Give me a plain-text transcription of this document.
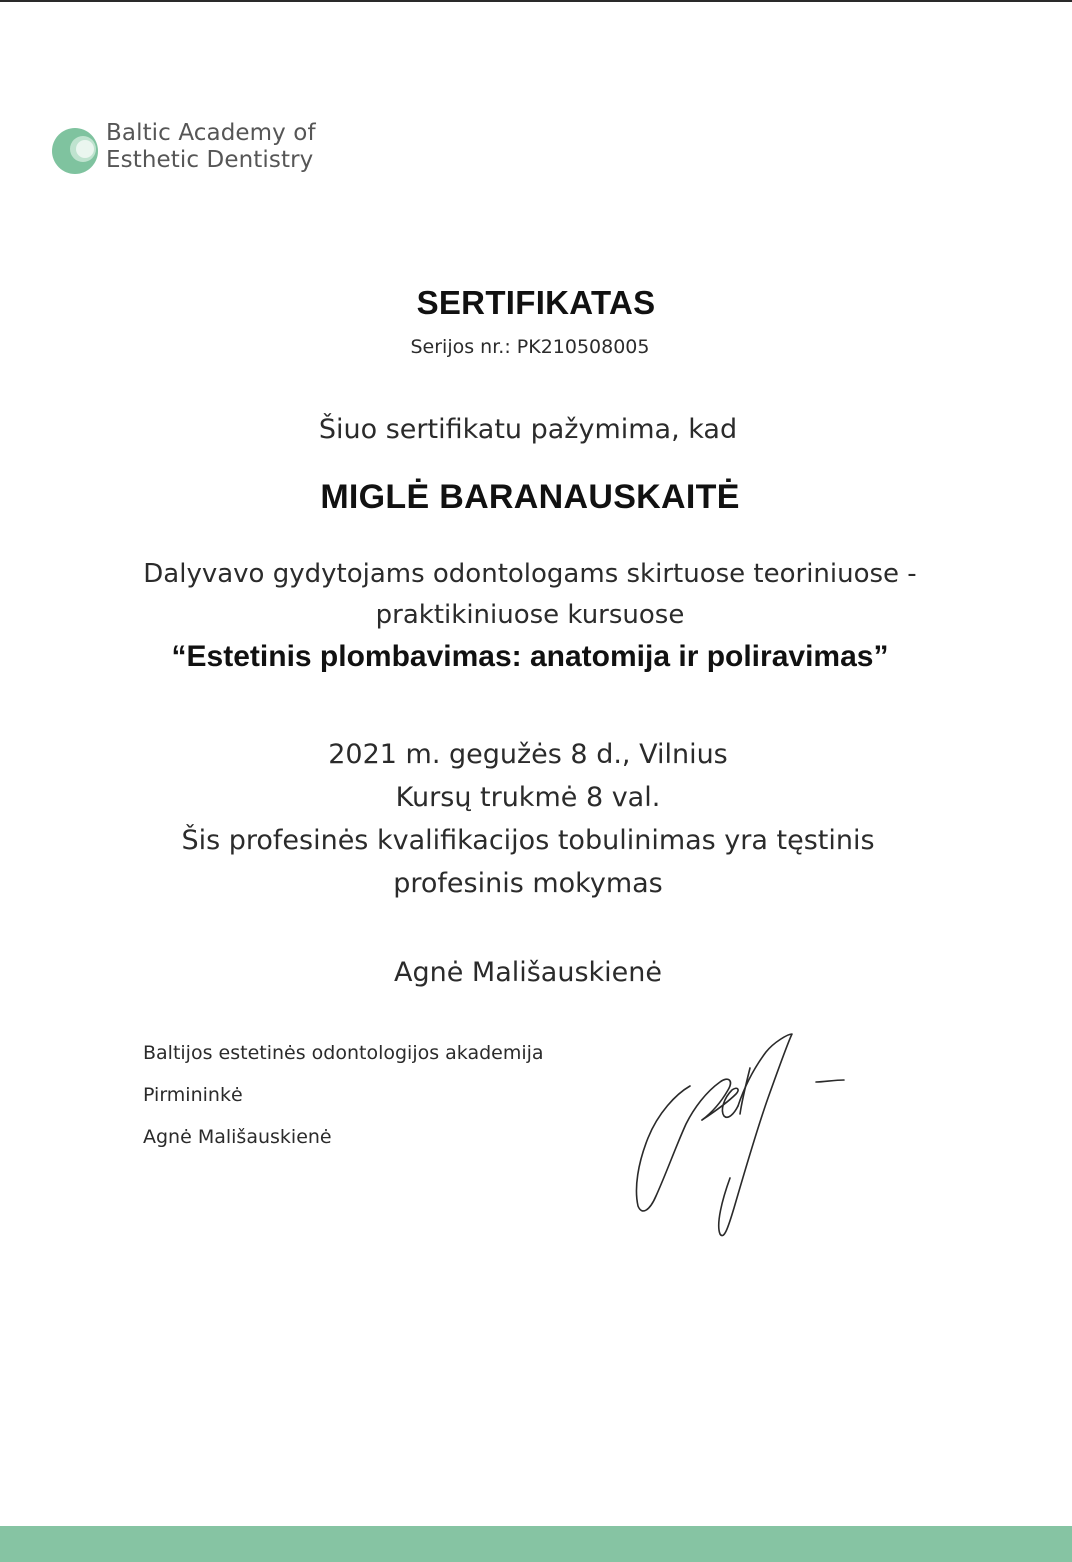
Baltic Academy of
Esthetic Dentistry
SERTIFIKATAS
Serijos nr.: PK210508005
Šiuo sertifikatu pažymima, kad
MIGLĖ BARANAUSKAITĖ
Dalyvavo gydytojams odontologams skirtuose teoriniuose -
praktikiniuose kursuose
“Estetinis plombavimas: anatomija ir poliravimas”
2021 m. gegužės 8 d., Vilnius
Kursų trukmė 8 val.
Šis profesinės kvalifikacijos tobulinimas yra tęstinis
profesinis mokymas
Agnė Mališauskienė
Baltijos estetinės odontologijos akademija
Pirmininkė
Agnė Mališauskienė
